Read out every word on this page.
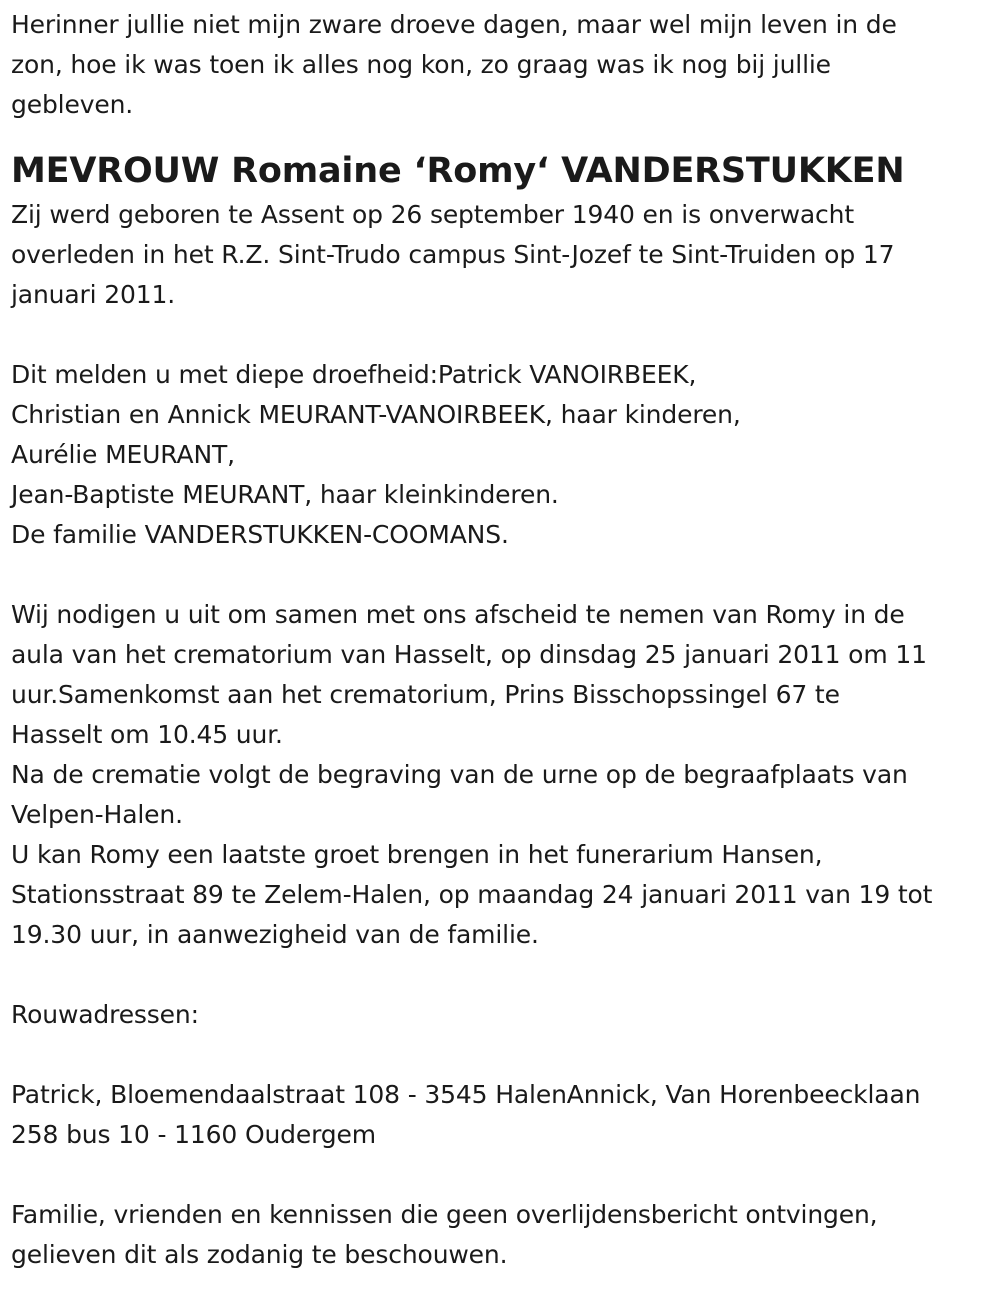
Herinner jullie niet mijn zware droeve dagen, maar wel mijn leven in de
zon, hoe ik was toen ik alles nog kon, zo graag was ik nog bij jullie
gebleven.
MEVROUW Romaine ‘Romy‘ VANDERSTUKKEN
Zij werd geboren te Assent op 26 september 1940 en is onverwacht
overleden in het R.Z. Sint-Trudo campus Sint-Jozef te Sint-Truiden op 17
januari 2011.
Dit melden u met diepe droefheid:Patrick VANOIRBEEK,
Christian en Annick MEURANT-VANOIRBEEK, haar kinderen,
Aurélie MEURANT,
Jean-Baptiste MEURANT, haar kleinkinderen.
De familie VANDERSTUKKEN-COOMANS.
Wij nodigen u uit om samen met ons afscheid te nemen van Romy in de
aula van het crematorium van Hasselt, op dinsdag 25 januari 2011 om 11
uur.Samenkomst aan het crematorium, Prins Bisschopssingel 67 te
Hasselt om 10.45 uur.
Na de crematie volgt de begraving van de urne op de begraafplaats van
Velpen-Halen.
U kan Romy een laatste groet brengen in het funerarium Hansen,
Stationsstraat 89 te Zelem-Halen, op maandag 24 januari 2011 van 19 tot
19.30 uur, in aanwezigheid van de familie.
Rouwadressen:
Patrick, Bloemendaalstraat 108 - 3545 HalenAnnick, Van Horenbeecklaan
258 bus 10 - 1160 Oudergem
Familie, vrienden en kennissen die geen overlijdensbericht ontvingen,
gelieven dit als zodanig te beschouwen.
